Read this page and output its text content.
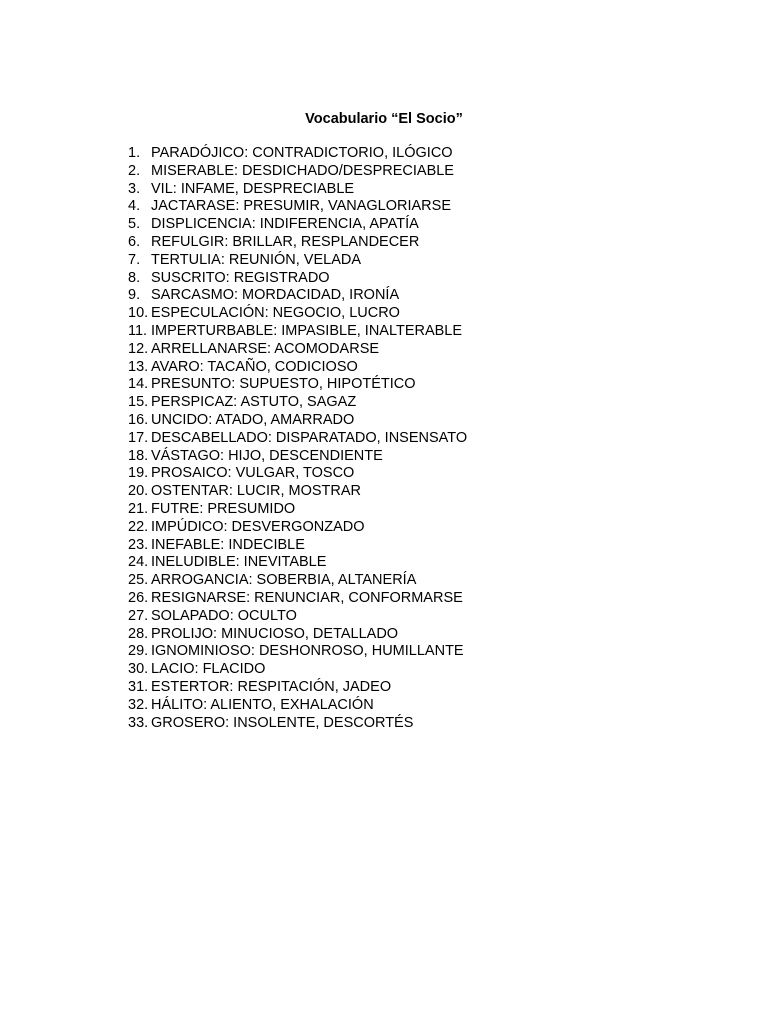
Vocabulario “El Socio”
1. PARADÓJICO: CONTRADICTORIO, ILÓGICO
2. MISERABLE: DESDICHADO/DESPRECIABLE
3. VIL: INFAME, DESPRECIABLE
4. JACTARASE: PRESUMIR, VANAGLORIARSE
5. DISPLICENCIA: INDIFERENCIA, APATÍA
6. REFULGIR: BRILLAR, RESPLANDECER
7. TERTULIA: REUNIÓN, VELADA
8. SUSCRITO: REGISTRADO
9. SARCASMO: MORDACIDAD, IRONÍA
10. ESPECULACIÓN: NEGOCIO, LUCRO
11. IMPERTURBABLE: IMPASIBLE, INALTERABLE
12. ARRELLANARSE: ACOMODARSE
13. AVARO: TACAÑO, CODICIOSO
14. PRESUNTO: SUPUESTO, HIPOTÉTICO
15. PERSPICAZ: ASTUTO, SAGAZ
16. UNCIDO: ATADO, AMARRADO
17. DESCABELLADO: DISPARATADO, INSENSATO
18. VÁSTAGO: HIJO, DESCENDIENTE
19. PROSAICO: VULGAR, TOSCO
20. OSTENTAR: LUCIR, MOSTRAR
21. FUTRE: PRESUMIDO
22. IMPÚDICO: DESVERGONZADO
23. INEFABLE: INDECIBLE
24. INELUDIBLE: INEVITABLE
25. ARROGANCIA: SOBERBIA, ALTANERÍA
26. RESIGNARSE: RENUNCIAR, CONFORMARSE
27. SOLAPADO: OCULTO
28. PROLIJO: MINUCIOSO, DETALLADO
29. IGNOMINIOSO: DESHONROSO, HUMILLANTE
30. LACIO: FLACIDO
31. ESTERTOR: RESPITACIÓN, JADEO
32. HÁLITO: ALIENTO, EXHALACIÓN
33. GROSERO: INSOLENTE, DESCORTÉS
